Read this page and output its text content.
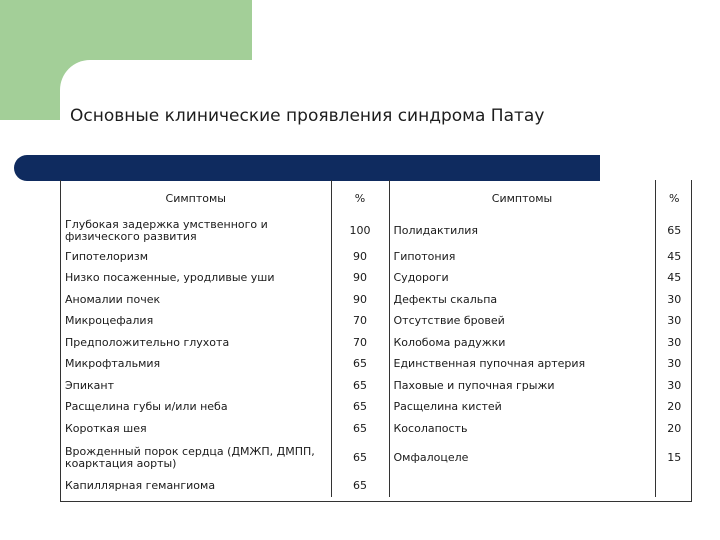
Основные клинические проявления синдрома Патау
Симптомы	%	Симптомы	%
Глубокая задержка умственного и физического развития	100	Полидактилия	65
Гипотелоризм	90	Гипотония	45
Низко посаженные, уродливые уши	90	Судороги	45
Аномалии почек	90	Дефекты скальпа	30
Микроцефалия	70	Отсутствие бровей	30
Предположительно глухота	70	Колобома радужки	30
Микрофтальмия	65	Единственная пупочная артерия	30
Эпикант	65	Паховые и пупочная грыжи	30
Расщелина губы и/или неба	65	Расщелина кистей	20
Короткая шея	65	Косолапость	20
Врожденный порок сердца (ДМЖП, ДМПП, коарктация аорты)	65	Омфалоцеле	15
Капиллярная гемангиома	65		
